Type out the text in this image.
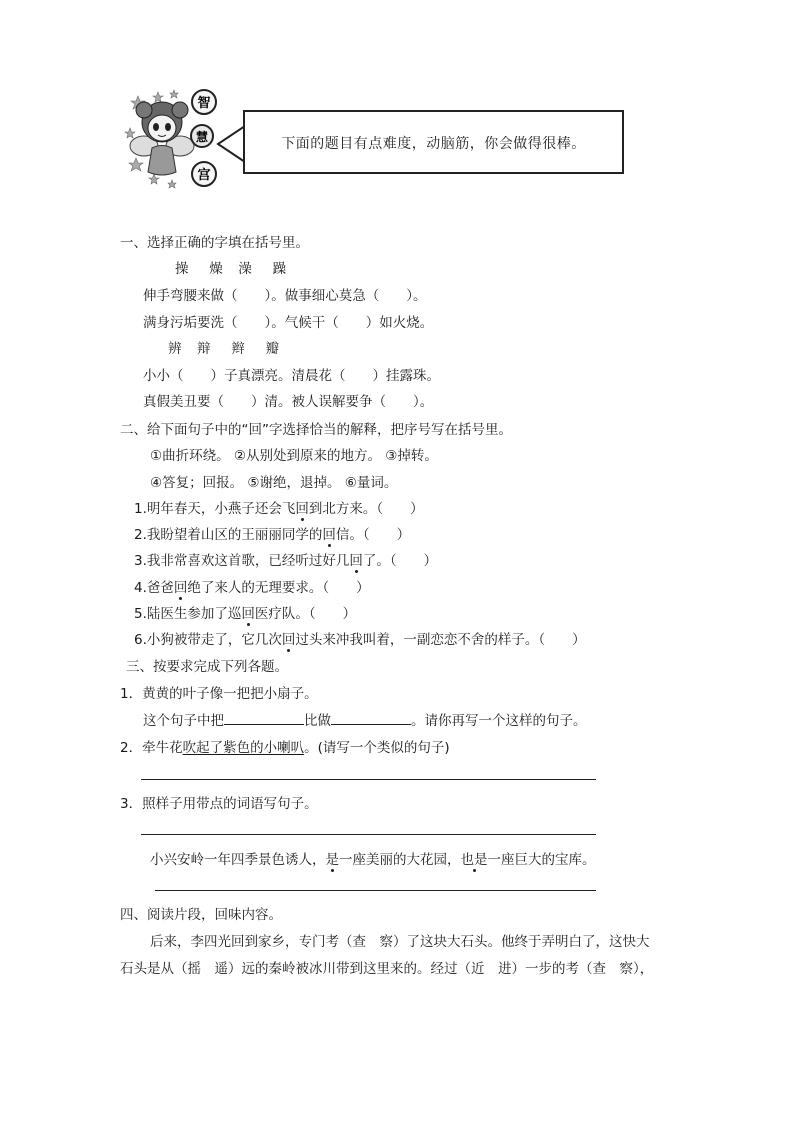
智
慧
宫
下面的题目有点难度，动脑筋，你会做得很棒。
一、选择正确的字填在括号里。
操　 燥　澡　 躁
伸手弯腰来做（　　）。做事细心莫急（　　）。
满身污垢要洗（　　）。气候干（　　）如火烧。
辨　辩　 辫　 瓣
小小（　　）子真漂亮。清晨花（　　）挂露珠。
真假美丑要（　　）清。被人误解要争（　　）。
二、给下面句子中的“回”字选择恰当的解释，把序号写在括号里。
①曲折环绕。 ②从别处到原来的地方。 ③掉转。
④答复；回报。 ⑤谢绝，退掉。 ⑥量词。
1.明年春天，小燕子还会飞回到北方来。（　　）
2.我盼望着山区的王丽丽同学的回信。（　　）
3.我非常喜欢这首歌，已经听过好几回了。（　　）
4.爸爸回绝了来人的无理要求。（　　）
5.陆医生参加了巡回医疗队。（　　）
6.小狗被带走了，它几次回过头来冲我叫着，一副恋恋不舍的样子。（　　）
三、按要求完成下列各题。
1．黄黄的叶子像一把把小扇子。
这个句子中把	比做	。请你再写一个这样的句子。
2．牵牛花吹起了紫色的小喇叭。(请写一个类似的句子)
3．照样子用带点的词语写句子。
小兴安岭一年四季景色诱人，是一座美丽的大花园，也是一座巨大的宝库。
四、阅读片段，回味内容。
后来，李四光回到家乡，专门考（查　察）了这块大石头。他终于弄明白了，这快大
石头是从（摇　遥）远的秦岭被冰川带到这里来的。经过（近　进）一步的考（查　察），
